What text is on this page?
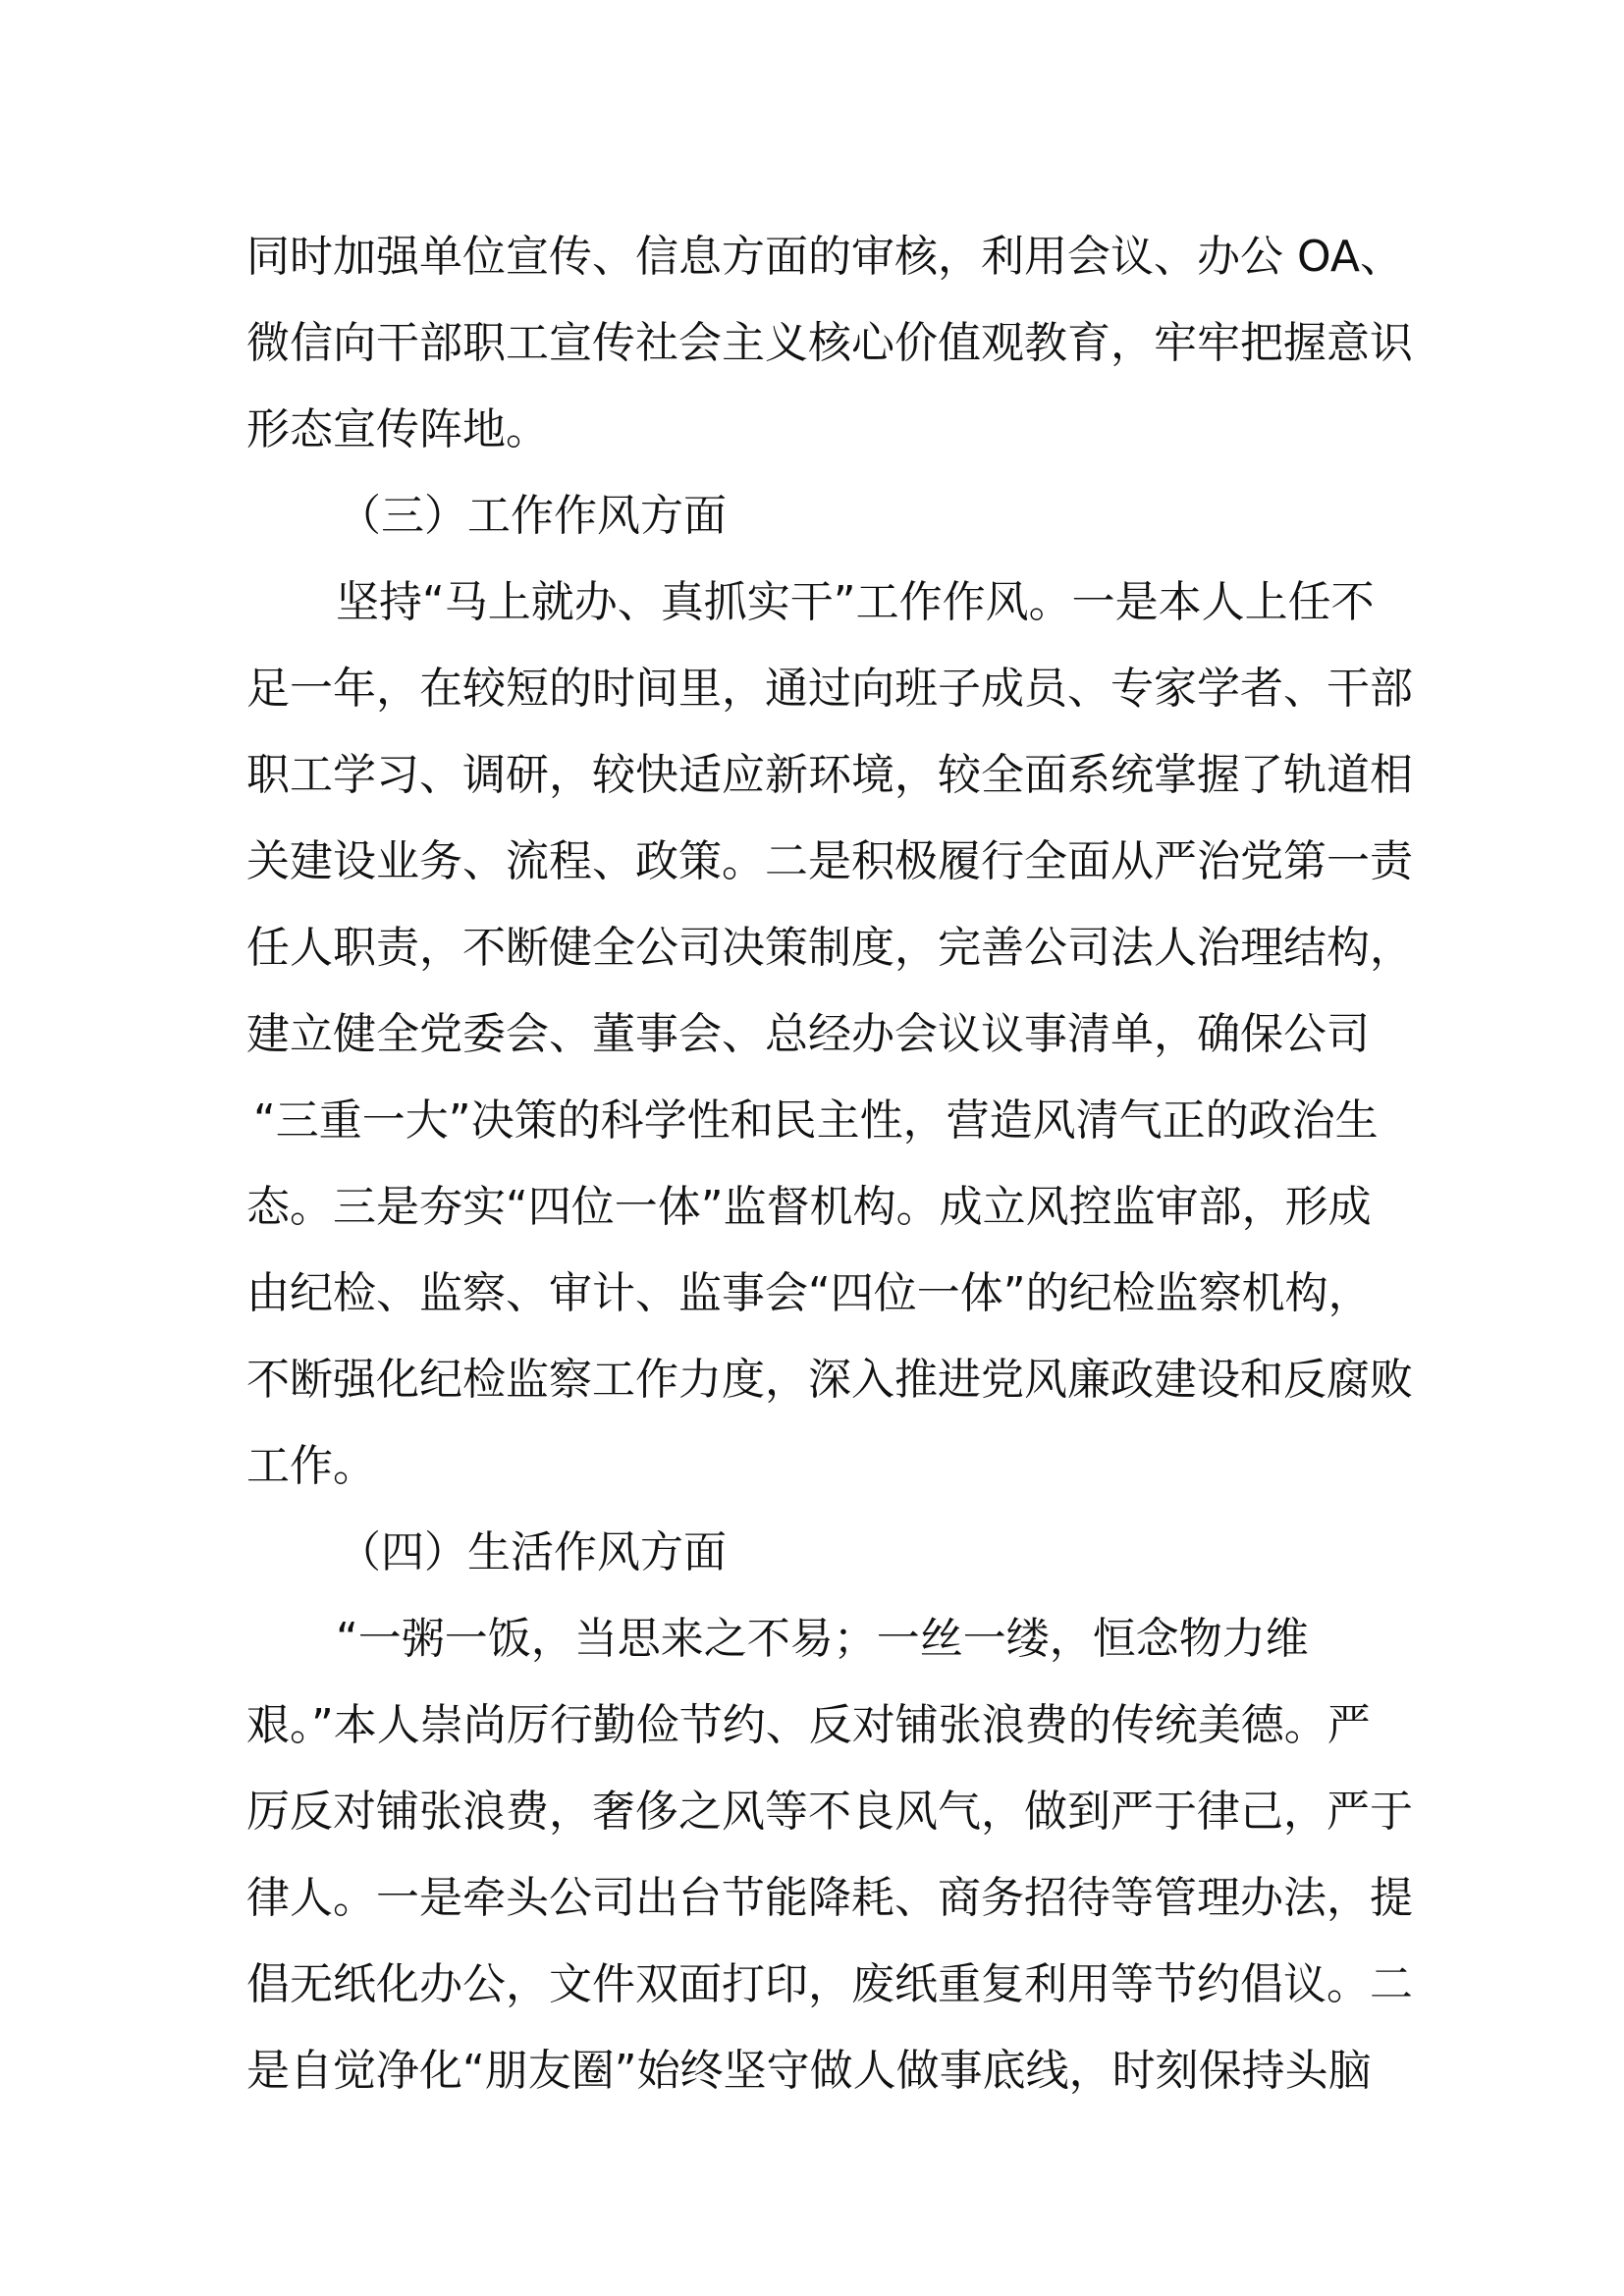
同时加强单位宣传、信息方面的审核，利用会议、办公 OA、
微信向干部职工宣传社会主义核心价值观教育，牢牢把握意识
形态宣传阵地。
（三）工作作风方面
坚持“马上就办、真抓实干”工作作风。一是本人上任不
足一年，在较短的时间里，通过向班子成员、专家学者、干部
职工学习、调研，较快适应新环境，较全面系统掌握了轨道相
关建设业务、流程、政策。二是积极履行全面从严治党第一责
任人职责，不断健全公司决策制度，完善公司法人治理结构，
建立健全党委会、董事会、总经办会议议事清单，确保公司
“三重一大”决策的科学性和民主性，营造风清气正的政治生
态。三是夯实“四位一体”监督机构。成立风控监审部，形成
由纪检、监察、审计、监事会“四位一体”的纪检监察机构，
不断强化纪检监察工作力度，深入推进党风廉政建设和反腐败
工作。
（四）生活作风方面
“一粥一饭，当思来之不易；一丝一缕，恒念物力维
艰。”本人崇尚厉行勤俭节约、反对铺张浪费的传统美德。严
厉反对铺张浪费，奢侈之风等不良风气，做到严于律己，严于
律人。一是牵头公司出台节能降耗、商务招待等管理办法，提
倡无纸化办公，文件双面打印，废纸重复利用等节约倡议。二
是自觉净化“朋友圈”始终坚守做人做事底线，时刻保持头脑
